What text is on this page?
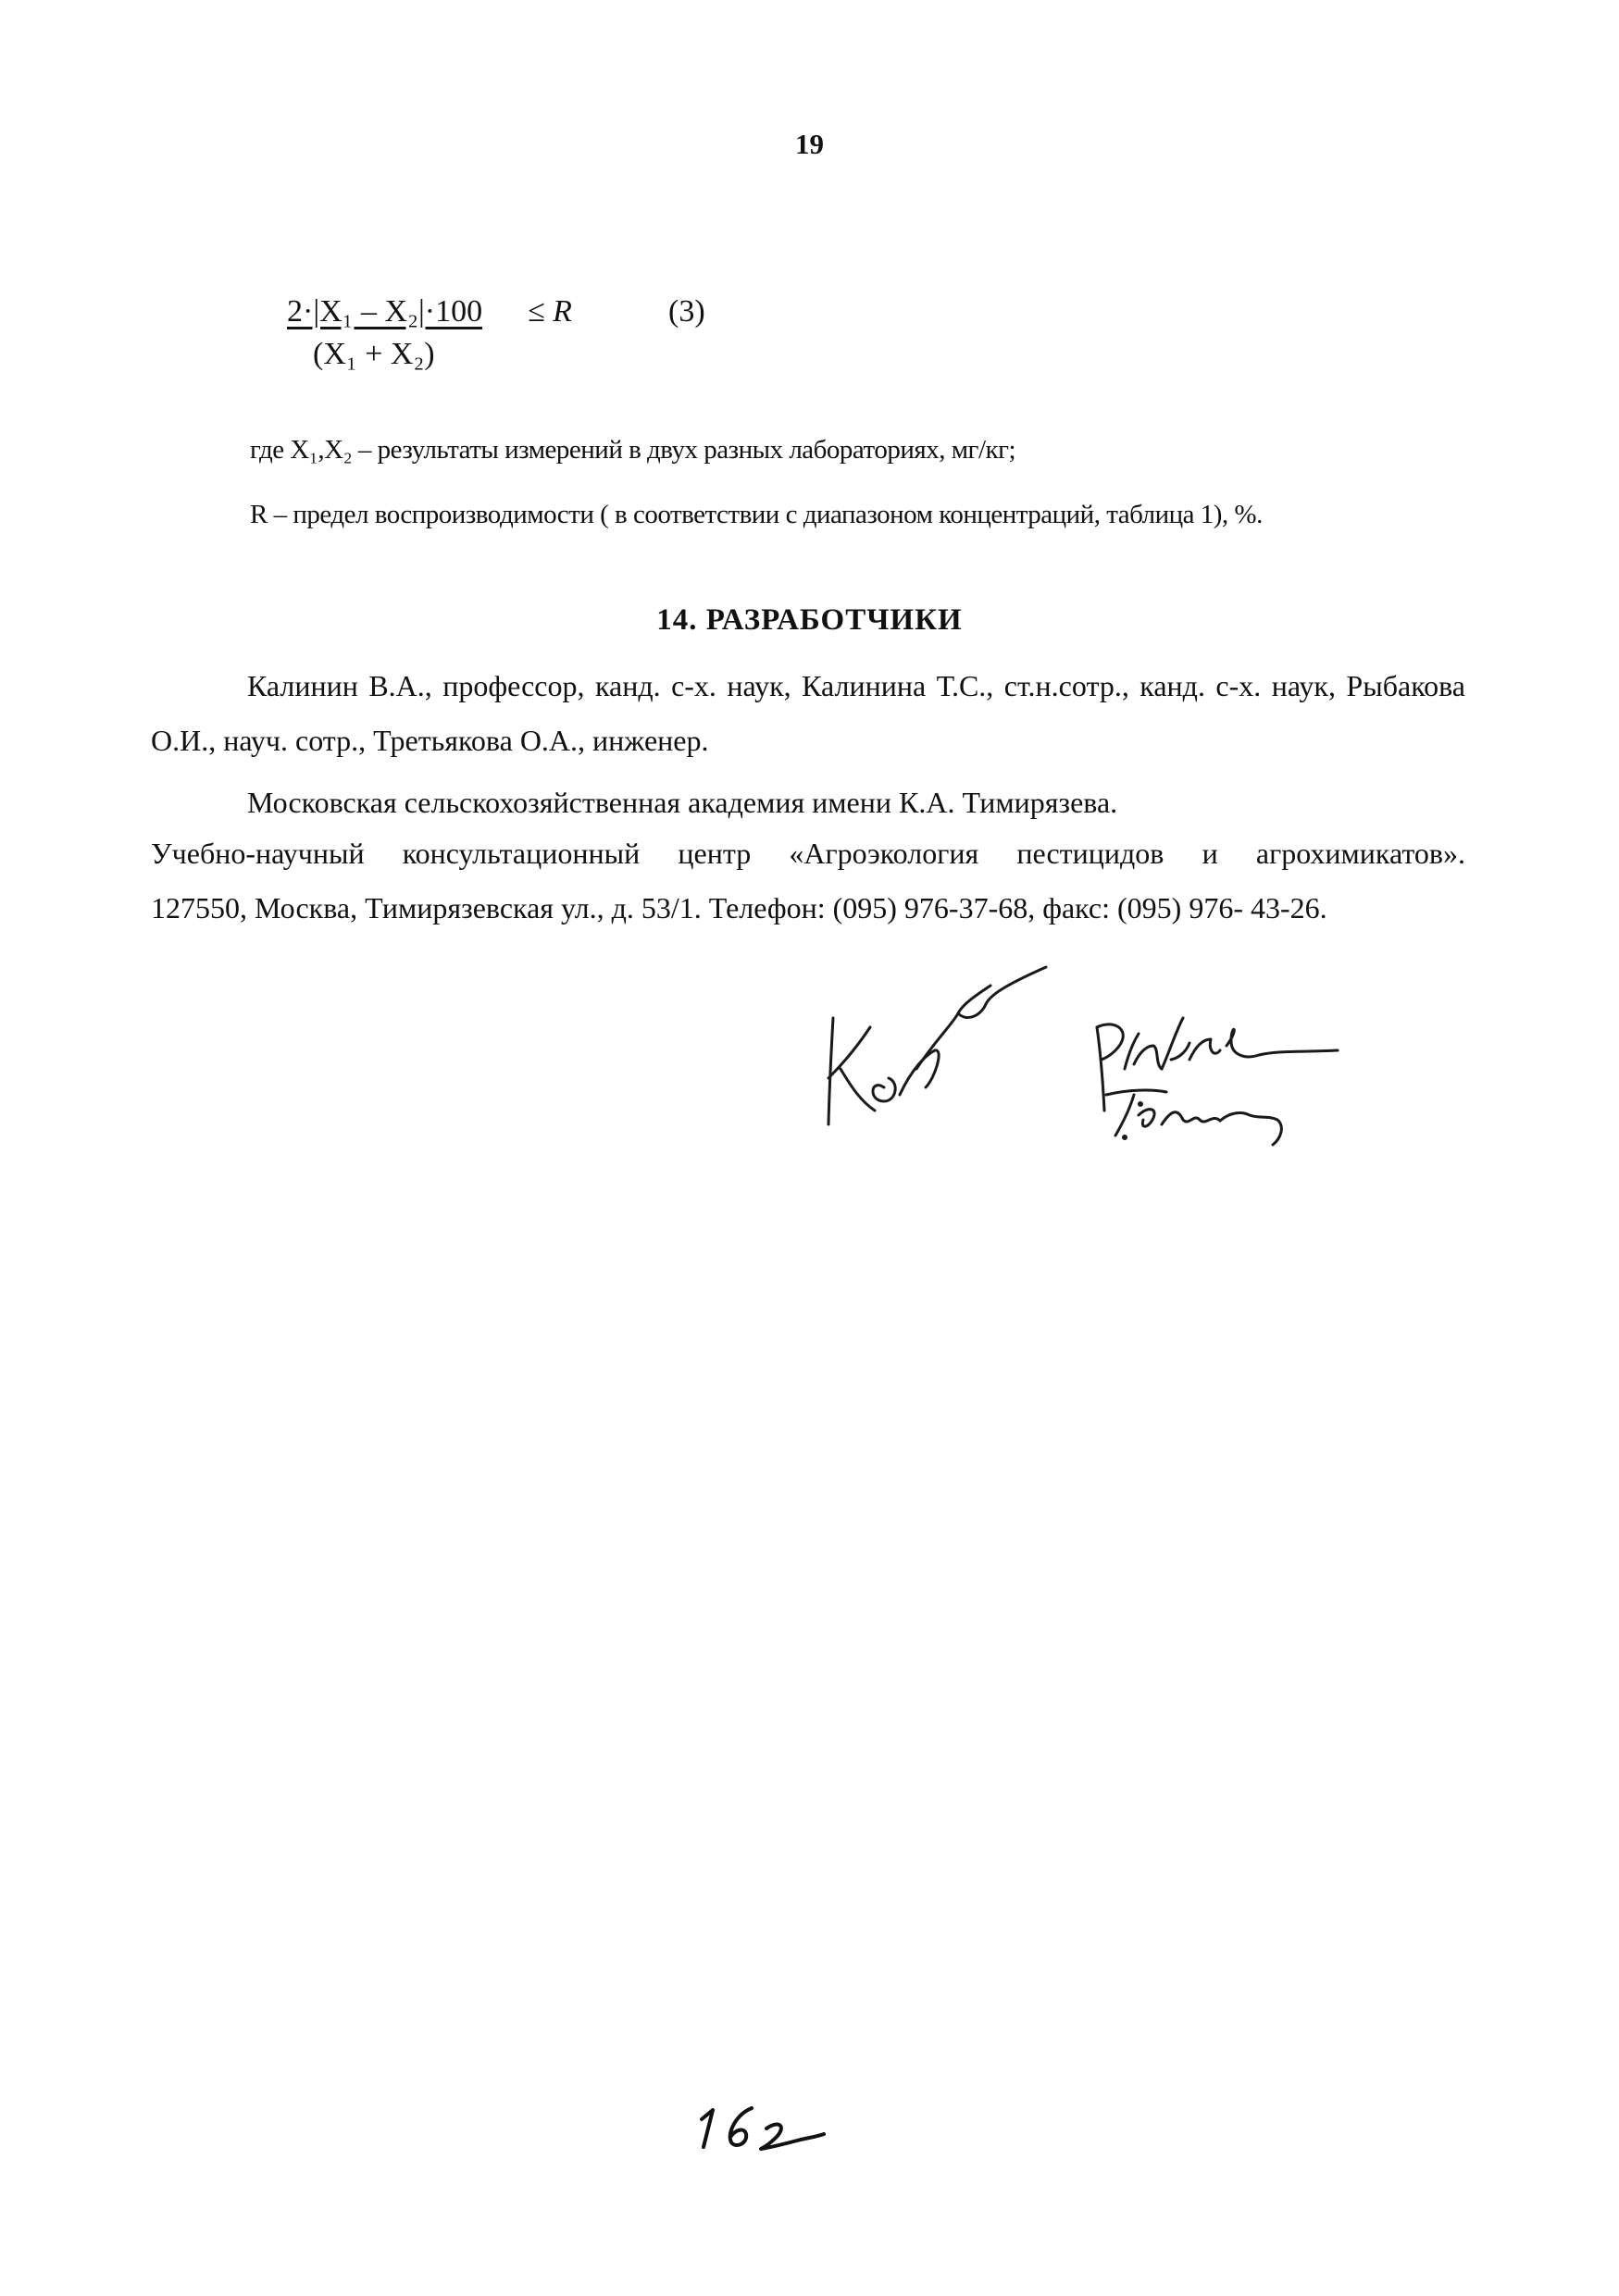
19
2·|X₁ – X₂|·100
(X₁ + X₂)
≤ R	(3)
где X₁,X₂ – результаты измерений в двух разных лабораториях, мг/кг;
R – предел воспроизводимости ( в соответствии с диапазоном концентраций, таблица 1), %.
14. РАЗРАБОТЧИКИ
Калинин В.А., профессор, канд. с-х. наук, Калинина Т.С., ст.н.сотр., канд. с-х. наук, Рыбакова О.И., науч. сотр., Третьякова О.А., инженер.
Московская сельскохозяйственная академия имени К.А. Тимирязева.
Учебно-научный консультационный центр «Агроэкология пестицидов и агрохимикатов».
127550, Москва, Тимирязевская ул., д. 53/1. Телефон: (095) 976-37-68, факс: (095) 976- 43-26.
